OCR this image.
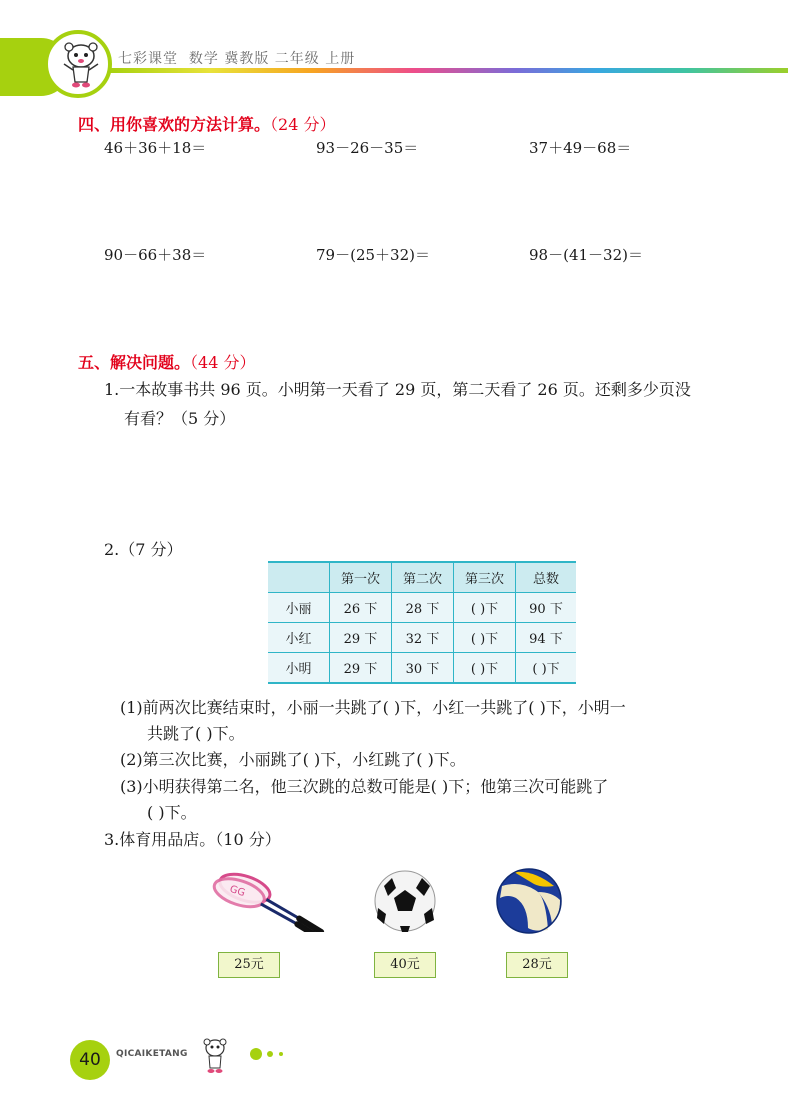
七彩课堂  数学 冀教版 二年级 上册
四、用你喜欢的方法计算。（24 分）
46＋36＋18＝	93－26－35＝	37＋49－68＝
90－66＋38＝	79－(25＋32)＝	98－(41－32)＝
五、解决问题。（44 分）
1.一本故事书共 96 页。小明第一天看了 29 页，第二天看了 26 页。还剩多少页没
有看？（5 分）
2.（7 分）
	第一次	第二次	第三次	总数
小丽	26 下	28 下	( )下	90 下
小红	29 下	32 下	( )下	94 下
小明	29 下	30 下	( )下	( )下
(1)前两次比赛结束时，小丽一共跳了( )下，小红一共跳了( )下，小明一
共跳了( )下。
(2)第三次比赛，小丽跳了( )下，小红跳了( )下。
(3)小明获得第二名，他三次跳的总数可能是( )下；他第三次可能跳了
( )下。
3.体育用品店。（10 分）
GG
25元	40元	28元
40	QICAIKETANG
